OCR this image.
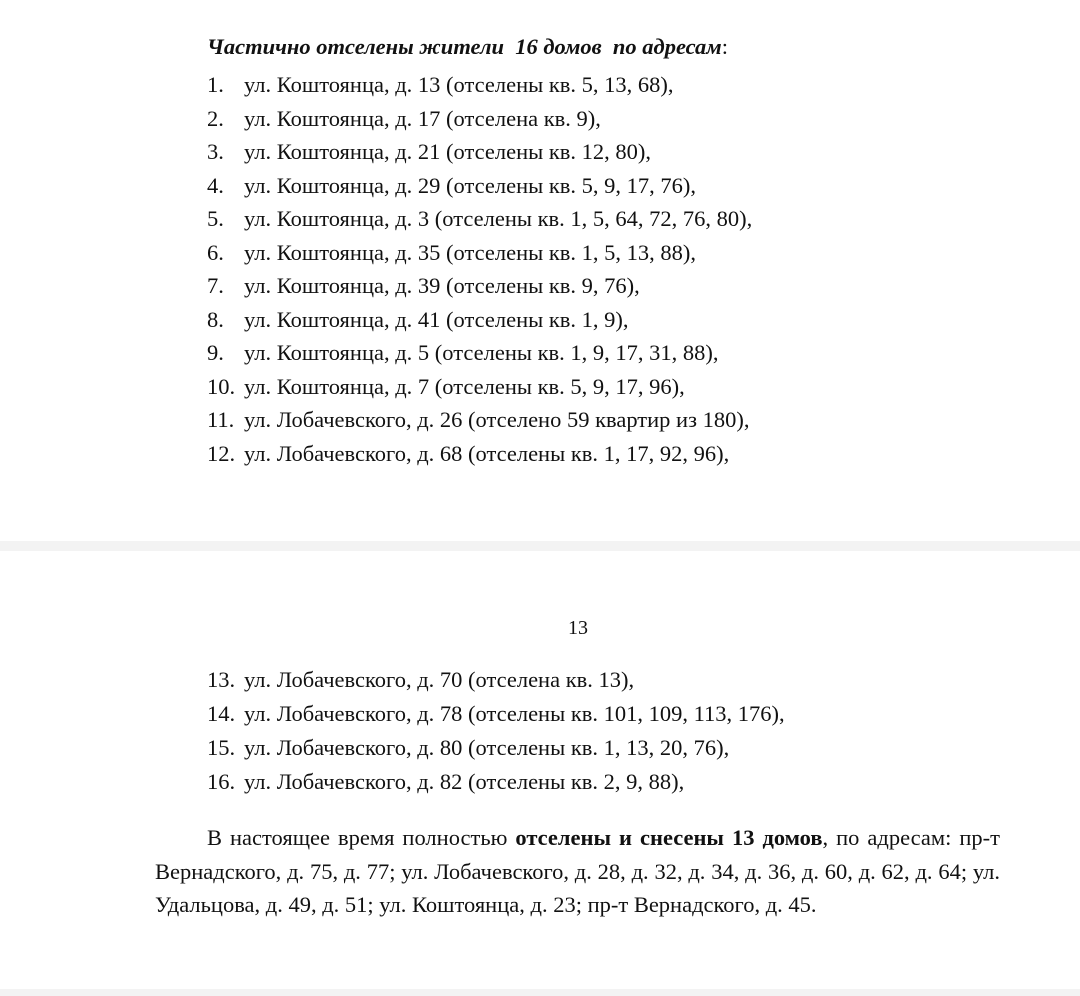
Частично отселены жители  16 домов  по адресам:
1. ул. Коштоянца, д. 13 (отселены кв. 5, 13, 68),
2. ул. Коштоянца, д. 17 (отселена кв. 9),
3. ул. Коштоянца, д. 21 (отселены кв. 12, 80),
4. ул. Коштоянца, д. 29 (отселены кв. 5, 9, 17, 76),
5. ул. Коштоянца, д. 3 (отселены кв. 1, 5, 64, 72, 76, 80),
6. ул. Коштоянца, д. 35 (отселены кв. 1, 5, 13, 88),
7. ул. Коштоянца, д. 39 (отселены кв. 9, 76),
8. ул. Коштоянца, д. 41 (отселены кв. 1, 9),
9. ул. Коштоянца, д. 5 (отселены кв. 1, 9, 17, 31, 88),
10. ул. Коштоянца, д. 7 (отселены кв. 5, 9, 17, 96),
11. ул. Лобачевского, д. 26 (отселено 59 квартир из 180),
12. ул. Лобачевского, д. 68 (отселены кв. 1, 17, 92, 96),
13
13. ул. Лобачевского, д. 70 (отселена кв. 13),
14. ул. Лобачевского, д. 78 (отселены кв. 101, 109, 113, 176),
15. ул. Лобачевского, д. 80 (отселены кв. 1, 13, 20, 76),
16. ул. Лобачевского, д. 82 (отселены кв. 2, 9, 88),
В настоящее время полностью отселены и снесены 13 домов, по адресам: пр-т Вернадского, д. 75, д. 77; ул. Лобачевского, д. 28, д. 32, д. 34, д. 36, д. 60, д. 62, д. 64; ул. Удальцова, д. 49, д. 51; ул. Коштоянца, д. 23; пр-т Вернадского, д. 45.
